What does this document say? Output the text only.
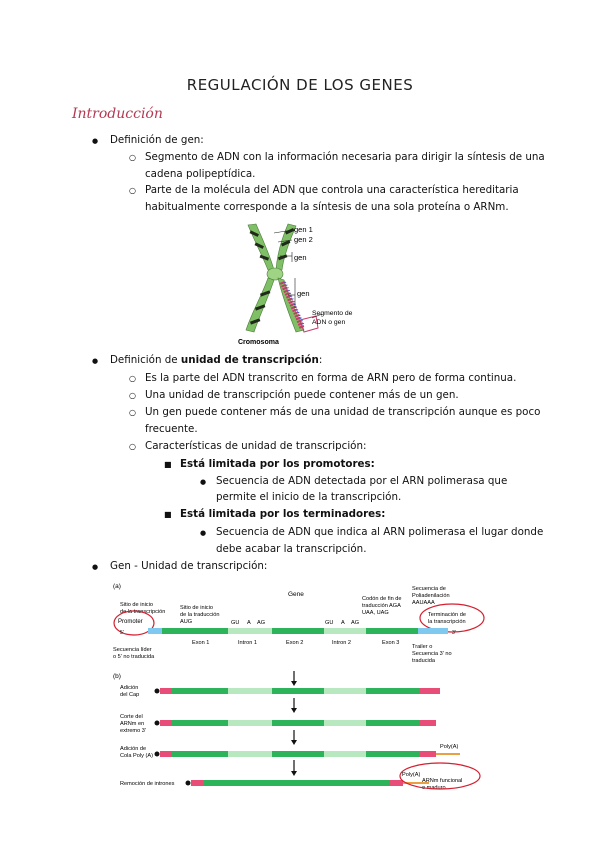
REGULACIÓN DE LOS GENES
Introducción
● Definición de gen:
○ Segmento de ADN con la información necesaria para dirigir la síntesis de una
cadena polipeptídica.
○ Parte de la molécula del ADN que controla una característica hereditaria
habitualmente corresponde a la síntesis de una sola proteína o ARNm.
gen 1
gen 2
gen
gen
Segmento de
ADN o gen
Cromosoma
● Definición de unidad de transcripción:
○ Es la parte del ADN transcrito en forma de ARN pero de forma continua.
○ Una unidad de transcripción puede contener más de un gen.
○ Un gen puede contener más de una unidad de transcripción aunque es poco
frecuente.
○ Características de unidad de transcripción:
■ Está limitada por los promotores:
● Secuencia de ADN detectada por el ARN polimerasa que
permite el inicio de la transcripción.
■ Está limitada por los terminadores:
● Secuencia de ADN que indica al ARN polimerasa el lugar donde
debe acabar la transcripción.
● Gen - Unidad de transcripción:
(a)
Gene
Sitio de inicio
de la transcripción
Sitio de inicio
de la traducción
AUG
Codón de fin de
traducción AGA
UAA, UAG
Secuencia de
Poliadenilación
AAUAAA
Promoter
Terminación de
la transcripción
GU A AG	GU A AG
5'	3'
Exon 1	Intron 1	Exon 2	Intron 2	Exon 3
Secuencia líder
o 5' no traducida
Trailer o
Secuencia 3' no
traducida
(b)
Adición
del Cap
Corte del
ARNm en
extremo 3'
Adición de
Cola Poly (A)
Poly(A)
Remoción de intrones
Poly(A)
ARNm funcional
o maduro
